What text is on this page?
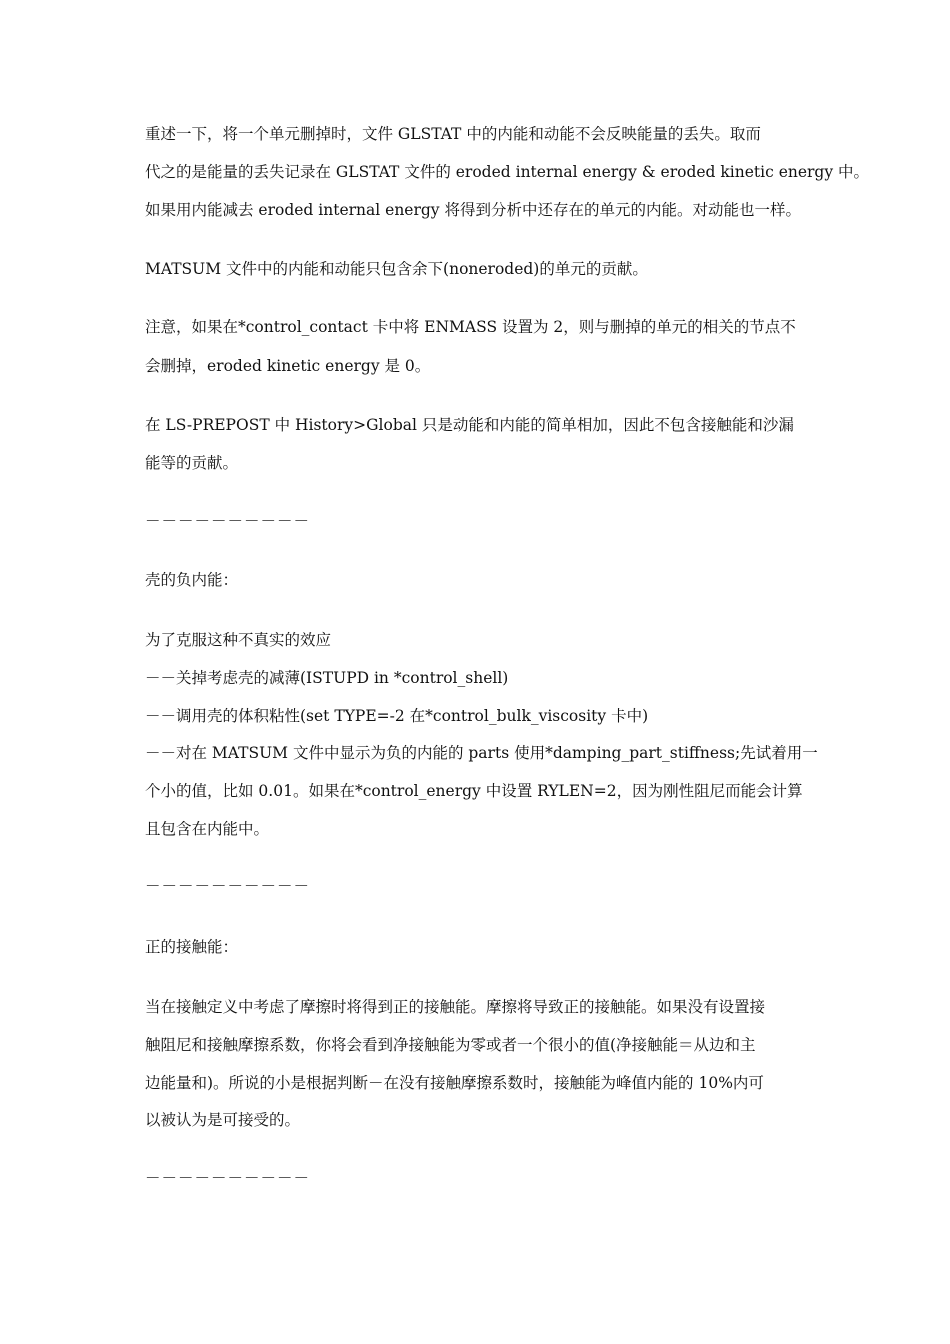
重述一下，将一个单元删掉时，文件 GLSTAT 中的内能和动能不会反映能量的丢失。取而
代之的是能量的丢失记录在 GLSTAT 文件的 eroded internal energy & eroded kinetic energy 中。
如果用内能减去 eroded internal energy 将得到分析中还存在的单元的内能。对动能也一样。
MATSUM 文件中的内能和动能只包含余下(noneroded)的单元的贡献。
注意，如果在*control_contact 卡中将 ENMASS 设置为 2，则与删掉的单元的相关的节点不
会删掉，eroded kinetic energy 是 0。
在 LS-PREPOST 中 History>Global 只是动能和内能的简单相加，因此不包含接触能和沙漏
能等的贡献。
－－－－－－－－－－
壳的负内能：
为了克服这种不真实的效应
－－关掉考虑壳的减薄(ISTUPD in *control_shell)
－－调用壳的体积粘性(set TYPE=-2 在*control_bulk_viscosity 卡中)
－－对在 MATSUM 文件中显示为负的内能的 parts 使用*damping_part_stiffness;先试着用一
个小的值，比如 0.01。如果在*control_energy 中设置 RYLEN=2，因为刚性阻尼而能会计算
且包含在内能中。
－－－－－－－－－－
正的接触能：
当在接触定义中考虑了摩擦时将得到正的接触能。摩擦将导致正的接触能。如果没有设置接
触阻尼和接触摩擦系数，你将会看到净接触能为零或者一个很小的值(净接触能＝从边和主
边能量和)。所说的小是根据判断－在没有接触摩擦系数时，接触能为峰值内能的 10%内可
以被认为是可接受的。
－－－－－－－－－－
